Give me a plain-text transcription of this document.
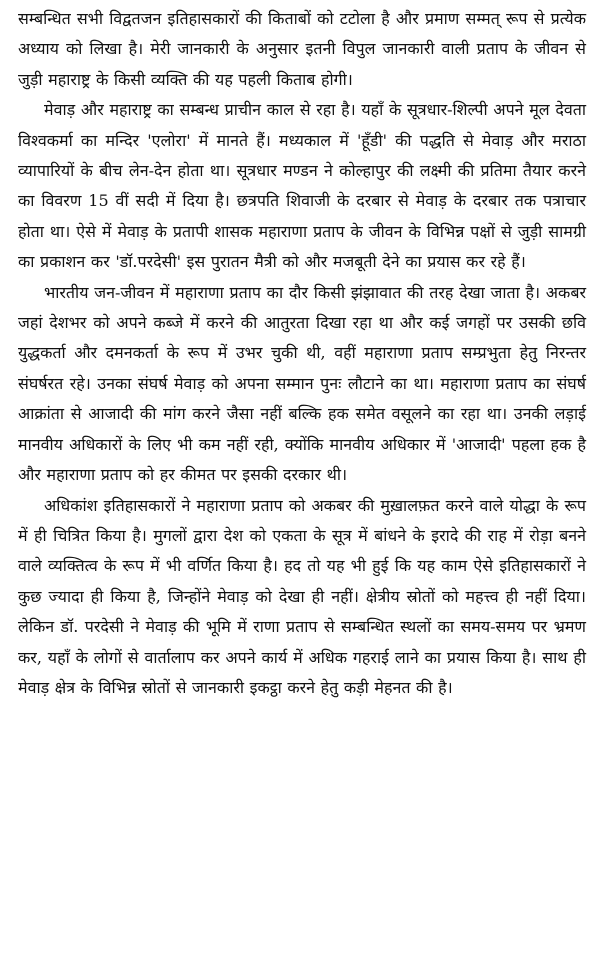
सम्बन्धित सभी विद्वतजन इतिहासकारों की किताबों को टटोला है और प्रमाण सम्मत् रूप से प्रत्येक अध्याय को लिखा है। मेरी जानकारी के अनुसार इतनी विपुल जानकारी वाली प्रताप के जीवन से जुड़ी महाराष्ट्र के किसी व्यक्ति की यह पहली किताब होगी।

मेवाड़ और महाराष्ट्र का सम्बन्ध प्राचीन काल से रहा है। यहाँ के सूत्रधार-शिल्पी अपने मूल देवता विश्वकर्मा का मन्दिर 'एलोरा' में मानते हैं। मध्यकाल में 'हूँडी' की पद्धति से मेवाड़ और मराठा व्यापारियों के बीच लेन-देन होता था। सूत्रधार मण्डन ने कोल्हापुर की लक्ष्मी की प्रतिमा तैयार करने का विवरण 15 वीं सदी में दिया है। छत्रपति शिवाजी के दरबार से मेवाड़ के दरबार तक पत्राचार होता था। ऐसे में मेवाड़ के प्रतापी शासक महाराणा प्रताप के जीवन के विभिन्न पक्षों से जुड़ी सामग्री का प्रकाशन कर 'डॉ.परदेसी' इस पुरातन मैत्री को और मजबूती देने का प्रयास कर रहे हैं।

भारतीय जन-जीवन में महाराणा प्रताप का दौर किसी झंझावात की तरह देखा जाता है। अकबर जहां देशभर को अपने कब्जे में करने की आतुरता दिखा रहा था और कई जगहों पर उसकी छवि युद्धकर्ता और दमनकर्ता के रूप में उभर चुकी थी, वहीं महाराणा प्रताप सम्प्रभुता हेतु निरन्तर संघर्षरत रहे। उनका संघर्ष मेवाड़ को अपना सम्मान पुनः लौटाने का था। महाराणा प्रताप का संघर्ष आक्रांता से आजादी की मांग करने जैसा नहीं बल्कि हक समेत वसूलने का रहा था। उनकी लड़ाई मानवीय अधिकारों के लिए भी कम नहीं रही, क्योंकि मानवीय अधिकार में 'आजादी' पहला हक है और महाराणा प्रताप को हर कीमत पर इसकी दरकार थी।

अधिकांश इतिहासकारों ने महाराणा प्रताप को अकबर की मुख़ालफ़त करने वाले योद्धा के रूप में ही चित्रित किया है। मुगलों द्वारा देश को एकता के सूत्र में बांधने के इरादे की राह में रोड़ा बनने वाले व्यक्तित्व के रूप में भी वर्णित किया है। हद तो यह भी हुई कि यह काम ऐसे इतिहासकारों ने कुछ ज्यादा ही किया है, जिन्होंने मेवाड़ को देखा ही नहीं। क्षेत्रीय स्रोतों को महत्त्व ही नहीं दिया। लेकिन डॉ. परदेसी ने मेवाड़ की भूमि में राणा प्रताप से सम्बन्धित स्थलों का समय-समय पर भ्रमण कर, यहाँ के लोगों से वार्तालाप कर अपने कार्य में अधिक गहराई लाने का प्रयास किया है। साथ ही मेवाड़ क्षेत्र के विभिन्न स्रोतों से जानकारी इकट्ठा करने हेतु कड़ी मेहनत की है।
